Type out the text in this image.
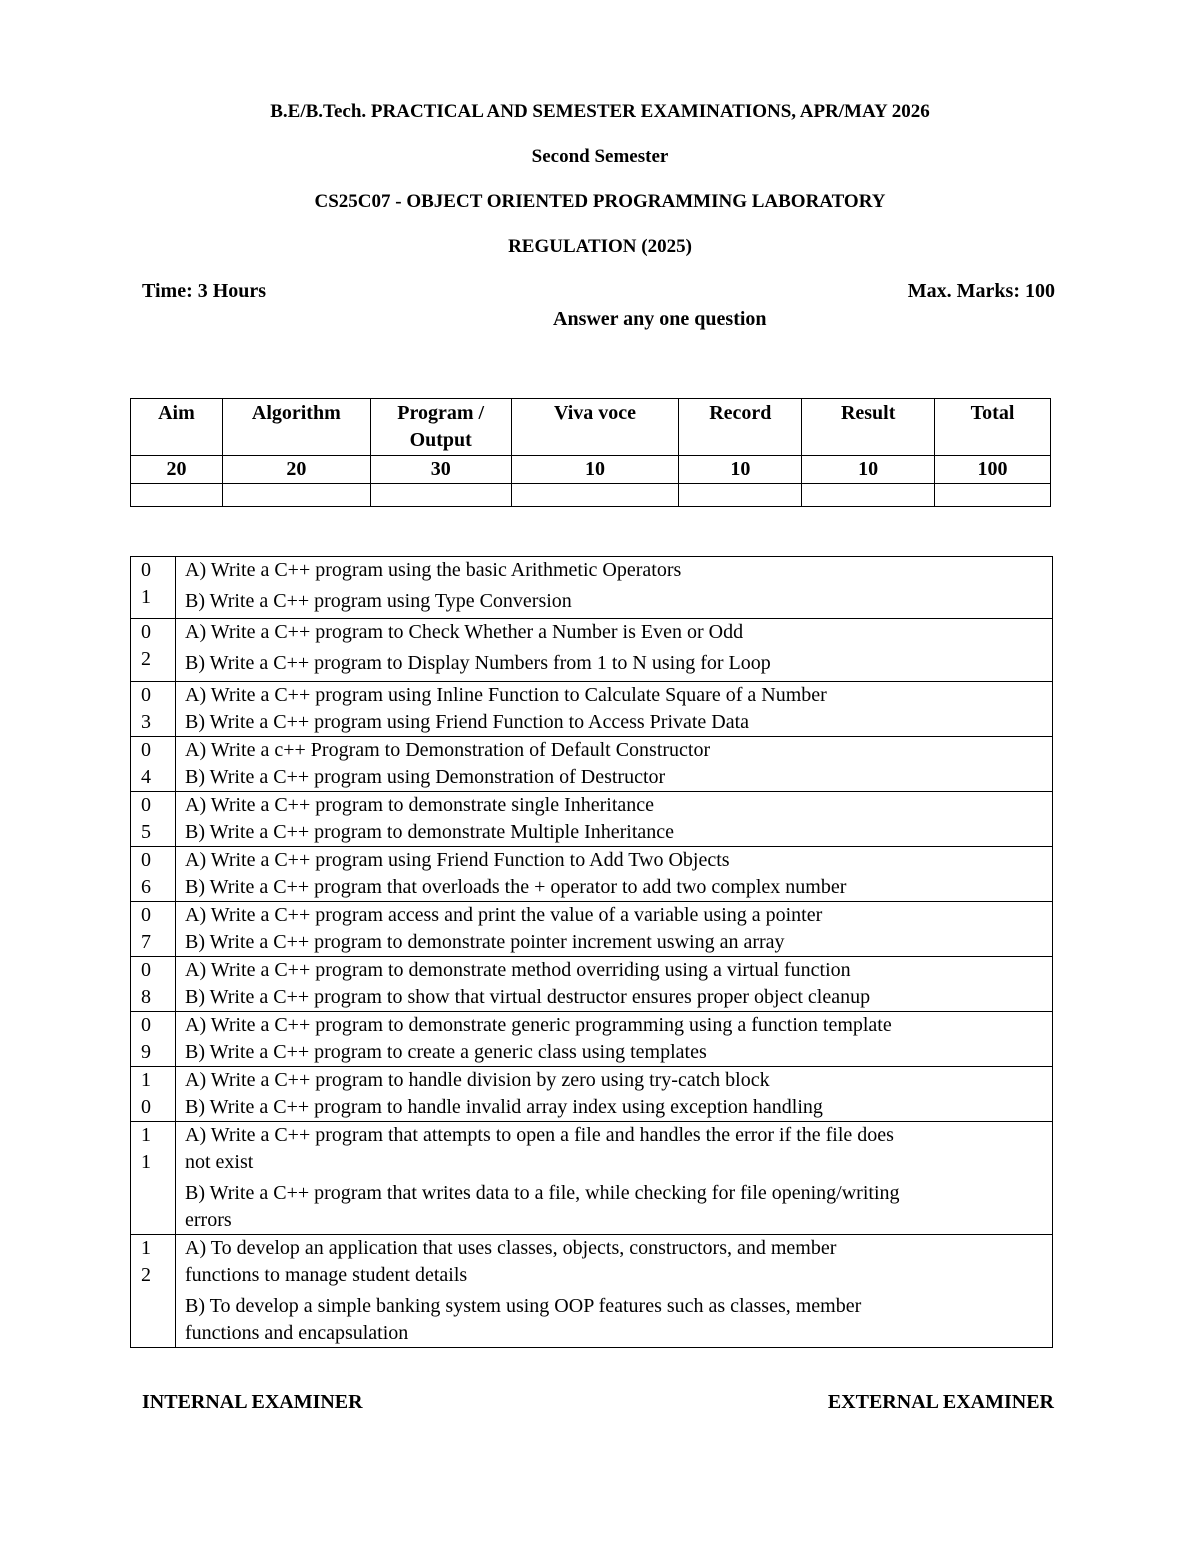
B.E/B.Tech. PRACTICAL AND SEMESTER EXAMINATIONS, APR/MAY 2026
Second Semester
CS25C07 - OBJECT ORIENTED PROGRAMMING LABORATORY
REGULATION (2025)
Time: 3 Hours	Max. Marks: 100
Answer any one question
Aim	Algorithm	Program / Output	Viva voce	Record	Result	Total
20	20	30	10	10	10	100

0
1	A) Write a C++ program using the basic Arithmetic Operators
B) Write a C++ program using Type Conversion

0
2	A) Write a C++ program to Check Whether a Number is Even or Odd
B) Write a C++ program to Display Numbers from 1 to N using for Loop

0
3	A) Write a C++ program using Inline Function to Calculate Square of a Number
B) Write a C++ program using Friend Function to Access Private Data

0
4	A) Write a c++ Program to Demonstration of Default Constructor
B) Write a C++ program using Demonstration of Destructor

0
5	A) Write a C++ program to demonstrate single Inheritance
B) Write a C++ program to demonstrate Multiple Inheritance

0
6	A) Write a C++ program using Friend Function to Add Two Objects
B) Write a C++ program that overloads the + operator to add two complex number

0
7	A) Write a C++ program access and print the value of a variable using a pointer
B) Write a C++ program to demonstrate pointer increment uswing an array

0
8	A) Write a C++ program to demonstrate method overriding using a virtual function
B) Write a C++ program to show that virtual destructor ensures proper object cleanup

0
9	A) Write a C++ program to demonstrate generic programming using a function template
B) Write a C++ program to create a generic class using templates

1
0	A) Write a C++ program to handle division by zero using try-catch block
B) Write a C++ program to handle invalid array index using exception handling

1
1	A) Write a C++ program that attempts to open a file and handles the error if the file does
not exist
B) Write a C++ program that writes data to a file, while checking for file opening/writing
errors

1
2	A) To develop an application that uses classes, objects, constructors, and member
functions to manage student details
B) To develop a simple banking system using OOP features such as classes, member
functions and encapsulation
INTERNAL EXAMINER	EXTERNAL EXAMINER
